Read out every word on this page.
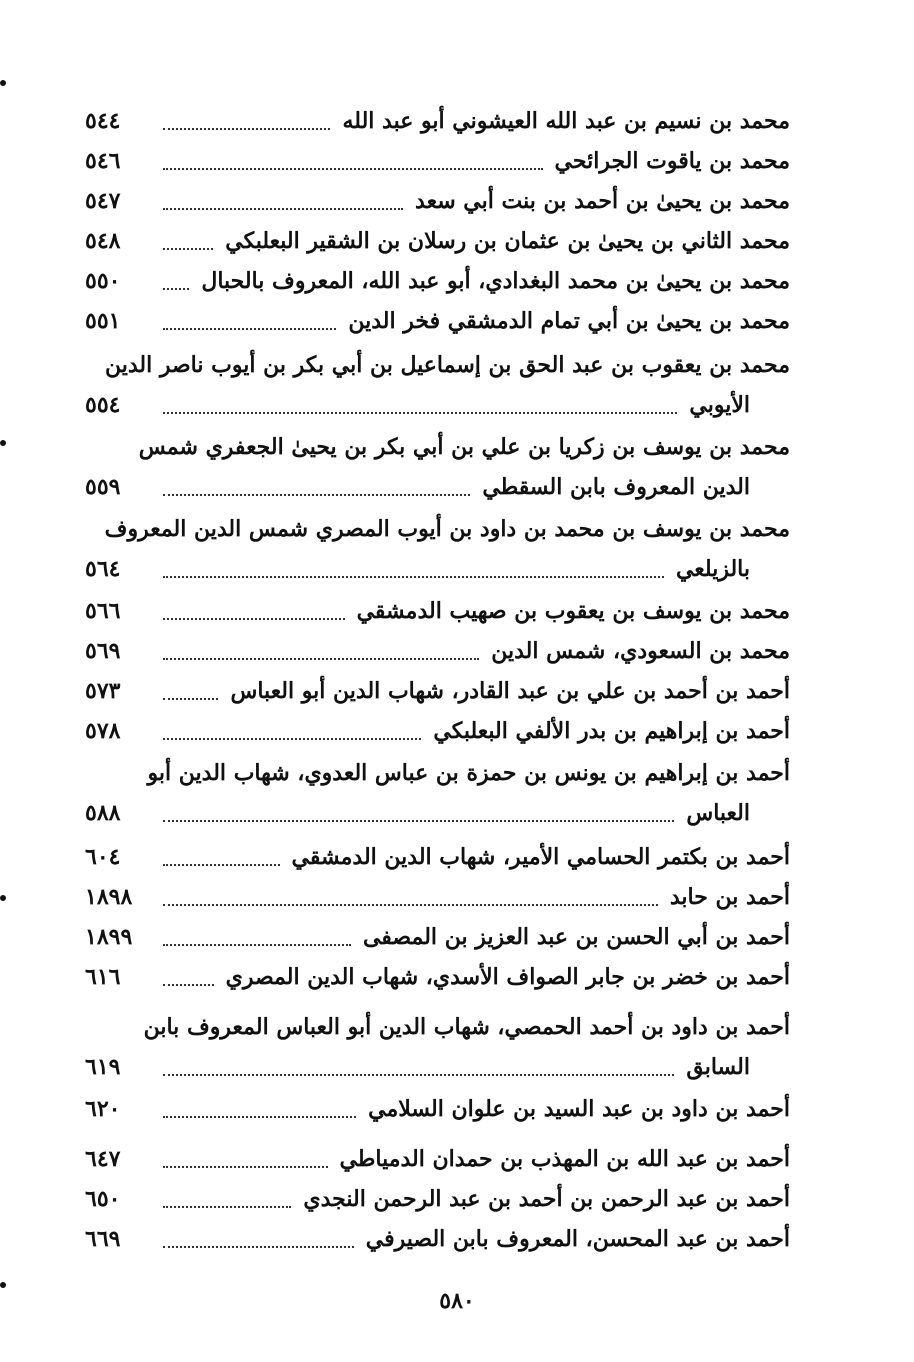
محمد بن نسيم بن عبد الله العيشوني أبو عبد الله
٥٤٤
محمد بن ياقوت الجرائحي
٥٤٦
محمد بن يحيىٰ بن أحمد بن بنت أبي سعد
٥٤٧
محمد الثاني بن يحيىٰ بن عثمان بن رسلان بن الشقير البعلبكي
٥٤٨
محمد بن يحيىٰ بن محمد البغدادي، أبو عبد الله، المعروف بالحبال
٥٥٠
محمد بن يحيىٰ بن أبي تمام الدمشقي فخر الدين
٥٥١
محمد بن يعقوب بن عبد الحق بن إسماعيل بن أبي بكر بن أيوب ناصر الدين
الأيوبي
٥٥٤
محمد بن يوسف بن زكريا بن علي بن أبي بكر بن يحيىٰ الجعفري شمس
الدين المعروف بابن السقطي
٥٥٩
محمد بن يوسف بن محمد بن داود بن أيوب المصري شمس الدين المعروف
بالزيلعي
٥٦٤
محمد بن يوسف بن يعقوب بن صهيب الدمشقي
٥٦٦
محمد بن السعودي، شمس الدين
٥٦٩
أحمد بن أحمد بن علي بن عبد القادر، شهاب الدين أبو العباس
٥٧٣
أحمد بن إبراهيم بن بدر الألفي البعلبكي
٥٧٨
أحمد بن إبراهيم بن يونس بن حمزة بن عباس العدوي، شهاب الدين أبو
العباس
٥٨٨
أحمد بن بكتمر الحسامي الأمير، شهاب الدين الدمشقي
٦٠٤
أحمد بن حابد
١٨٩٨
أحمد بن أبي الحسن بن عبد العزيز بن المصفى
١٨٩٩
أحمد بن خضر بن جابر الصواف الأسدي، شهاب الدين المصري
٦١٦
أحمد بن داود بن أحمد الحمصي، شهاب الدين أبو العباس المعروف بابن
السابق
٦١٩
أحمد بن داود بن عبد السيد بن علوان السلامي
٦٢٠
أحمد بن عبد الله بن المهذب بن حمدان الدمياطي
٦٤٧
أحمد بن عبد الرحمن بن أحمد بن عبد الرحمن النجدي
٦٥٠
أحمد بن عبد المحسن، المعروف بابن الصيرفي
٦٦٩
٥٨٠
